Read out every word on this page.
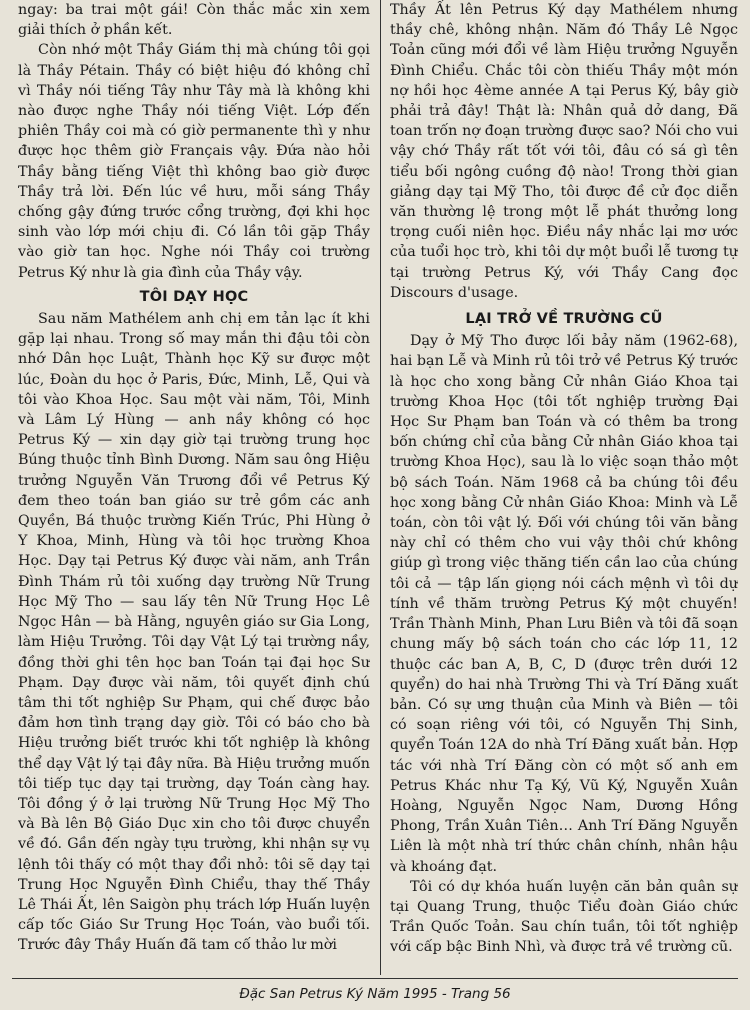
ngay: ba trai một gái! Còn thắc mắc xin xem giải thích ở phần kết.

Còn nhớ một Thầy Giám thị mà chúng tôi gọi là Thầy Pétain. Thầy có biệt hiệu đó không chỉ vì Thầy nói tiếng Tây như Tây mà là không khi nào được nghe Thầy nói tiếng Việt. Lớp đến phiên Thầy coi mà có giờ permanente thì y như được học thêm giờ Français vậy. Đứa nào hỏi Thầy bằng tiếng Việt thì không bao giờ được Thầy trả lời. Đến lúc về hưu, mỗi sáng Thầy chống gậy đứng trước cổng trường, đợi khi học sinh vào lớp mới chịu đi. Có lần tôi gặp Thầy vào giờ tan học. Nghe nói Thầy coi trường Petrus Ký như là gia đình của Thầy vậy.

TÔI DẠY HỌC

Sau năm Mathélem anh chị em tản lạc ít khi gặp lại nhau. Trong số may mắn thi đậu tôi còn nhớ Dân học Luật, Thành học Kỹ sư được một lúc, Đoàn du học ở Paris, Đức, Minh, Lễ, Qui và tôi vào Khoa Học. Sau một vài năm, Tôi, Minh và Lâm Lý Hùng — anh nầy không có học Petrus Ký — xin dạy giờ tại trường trung học Búng thuộc tỉnh Bình Dương. Năm sau ông Hiệu trưởng Nguyễn Văn Trương đổi về Petrus Ký đem theo toán ban giáo sư trẻ gồm các anh Quyền, Bá thuộc trường Kiến Trúc, Phi Hùng ở Y Khoa, Minh, Hùng và tôi học trường Khoa Học. Dạy tại Petrus Ký được vài năm, anh Trần Đình Thám rủ tôi xuống dạy trường Nữ Trung Học Mỹ Tho — sau lấy tên Nữ Trung Học Lê Ngọc Hân — bà Hằng, nguyên giáo sư Gia Long, làm Hiệu Trưởng. Tôi dạy Vật Lý tại trường nầy, đồng thời ghi tên học ban Toán tại đại học Sư Phạm. Dạy được vài năm, tôi quyết định chú tâm thi tốt nghiệp Sư Phạm, qui chế được bảo đảm hơn tình trạng dạy giờ. Tôi có báo cho bà Hiệu trưởng biết trước khi tốt nghiệp là không thể dạy Vật lý tại đây nữa. Bà Hiệu trưởng muốn tôi tiếp tục dạy tại trường, dạy Toán càng hay. Tôi đồng ý ở lại trường Nữ Trung Học Mỹ Tho và Bà lên Bộ Giáo Dục xin cho tôi được chuyển về đó. Gần đến ngày tựu trường, khi nhận sự vụ lệnh tôi thấy có một thay đổi nhỏ: tôi sẽ dạy tại Trung Học Nguyễn Đình Chiểu, thay thế Thầy Lê Thái Ất, lên Saigòn phụ trách lớp Huấn luyện cấp tốc Giáo Sư Trung Học Toán, vào buổi tối. Trước đây Thầy Huấn đã tam cố thảo lư mời

Thầy Ất lên Petrus Ký dạy Mathélem nhưng thầy chê, không nhận. Năm đó Thầy Lê Ngọc Toản cũng mới đổi về làm Hiệu trưởng Nguyễn Đình Chiểu. Chắc tôi còn thiếu Thầy một món nợ hồi học 4ème année A tại Perus Ký, bây giờ phải trả đây! Thật là: Nhân quả dở dang, Đã toan trốn nợ đoạn trường được sao? Nói cho vui vậy chớ Thầy rất tốt với tôi, đâu có sá gì tên tiểu bối ngông cuồng độ nào! Trong thời gian giảng dạy tại Mỹ Tho, tôi được đề cử đọc diễn văn thường lệ trong một lễ phát thưởng long trọng cuối niên học. Điều nầy nhắc lại mơ ước của tuổi học trò, khi tôi dự một buổi lễ tương tự tại trường Petrus Ký, với Thầy Cang đọc Discours d'usage.

LẠI TRỞ VỀ TRƯỜNG CŨ

Dạy ở Mỹ Tho được lối bảy năm (1962-68), hai bạn Lễ và Minh rủ tôi trở về Petrus Ký trước là học cho xong bằng Cử nhân Giáo Khoa tại trường Khoa Học (tôi tốt nghiệp trường Đại Học Sư Phạm ban Toán và có thêm ba trong bốn chứng chỉ của bằng Cử nhân Giáo khoa tại trường Khoa Học), sau là lo việc soạn thảo một bộ sách Toán. Năm 1968 cả ba chúng tôi đều học xong bằng Cử nhân Giáo Khoa: Minh và Lễ toán, còn tôi vật lý. Đối với chúng tôi văn bằng này chỉ có thêm cho vui vậy thôi chứ không giúp gì trong việc thăng tiến cần lao của chúng tôi cả — tập lấn giọng nói cách mệnh vì tôi dự tính về thăm trường Petrus Ký một chuyến! Trần Thành Minh, Phan Lưu Biên và tôi đã soạn chung mấy bộ sách toán cho các lớp 11, 12 thuộc các ban A, B, C, D (được trên dưới 12 quyển) do hai nhà Trường Thi và Trí Đăng xuất bản. Có sự ưng thuận của Minh và Biên — tôi có soạn riêng với tôi, có Nguyễn Thị Sinh, quyển Toán 12A do nhà Trí Đăng xuất bản. Hợp tác với nhà Trí Đăng còn có một số anh em Petrus Khác như Tạ Ký, Vũ Ký, Nguyễn Xuân Hoàng, Nguyễn Ngọc Nam, Dương Hồng Phong, Trần Xuân Tiên… Anh Trí Đăng Nguyễn Liên là một nhà trí thức chân chính, nhân hậu và khoáng đạt.

Tôi có dự khóa huấn luyện căn bản quân sự tại Quang Trung, thuộc Tiểu đoàn Giáo chức Trần Quốc Toản. Sau chín tuần, tôi tốt nghiệp với cấp bậc Binh Nhì, và được trả về trường cũ.

Đặc San Petrus Ký Năm 1995 - Trang 56
